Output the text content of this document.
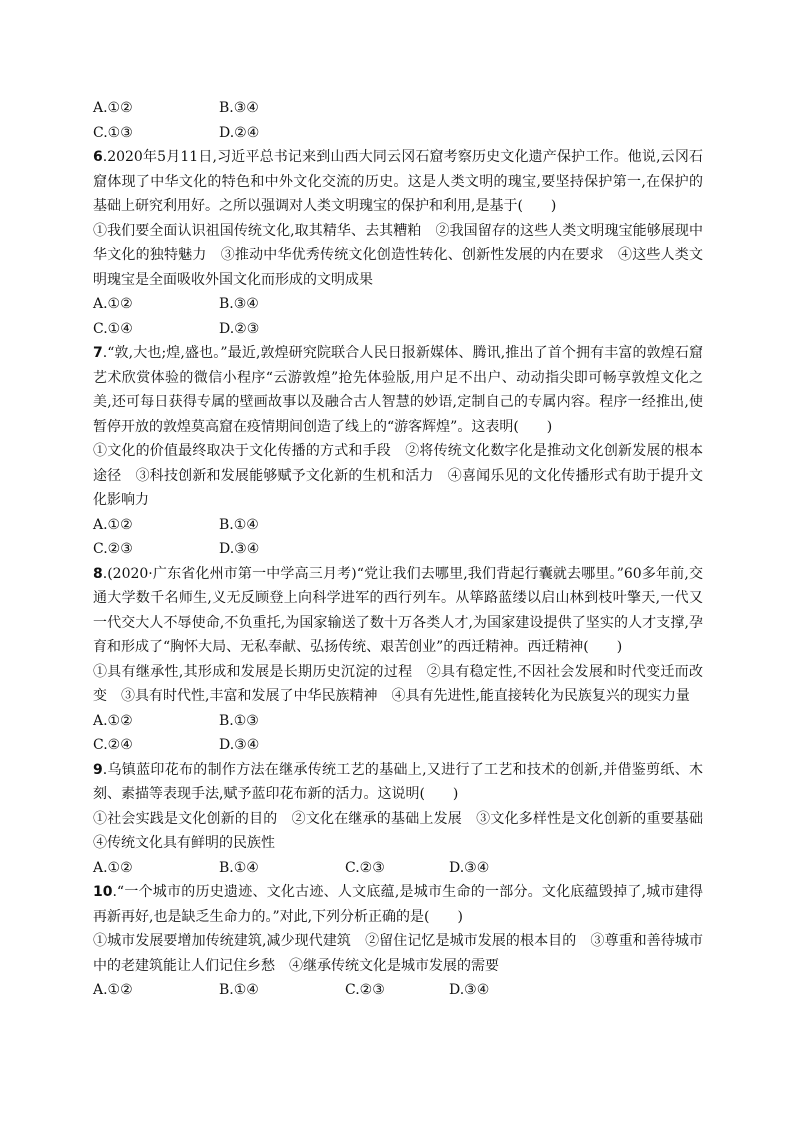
A.①②	B.③④
C.①③	D.②④
6.2020年5月11日,习近平总书记来到山西大同云冈石窟考察历史文化遗产保护工作。他说,云冈石窟体现了中华文化的特色和中外文化交流的历史。这是人类文明的瑰宝,要坚持保护第一,在保护的基础上研究利用好。之所以强调对人类文明瑰宝的保护和利用,是基于(　　)
①我们要全面认识祖国传统文化,取其精华、去其糟粕　②我国留存的这些人类文明瑰宝能够展现中华文化的独特魅力　③推动中华优秀传统文化创造性转化、创新性发展的内在要求　④这些人类文明瑰宝是全面吸收外国文化而形成的文明成果
A.①②	B.③④
C.①④	D.②③
7.“敦,大也;煌,盛也。”最近,敦煌研究院联合人民日报新媒体、腾讯,推出了首个拥有丰富的敦煌石窟艺术欣赏体验的微信小程序“云游敦煌”抢先体验版,用户足不出户、动动指尖即可畅享敦煌文化之美,还可每日获得专属的壁画故事以及融合古人智慧的妙语,定制自己的专属内容。程序一经推出,使暂停开放的敦煌莫高窟在疫情期间创造了线上的“游客辉煌”。这表明(　　)
①文化的价值最终取决于文化传播的方式和手段　②将传统文化数字化是推动文化创新发展的根本途径　③科技创新和发展能够赋予文化新的生机和活力　④喜闻乐见的文化传播形式有助于提升文化影响力
A.①②	B.①④
C.②③	D.③④
8.(2020·广东省化州市第一中学高三月考)“党让我们去哪里,我们背起行囊就去哪里。”60多年前,交通大学数千名师生,义无反顾登上向科学进军的西行列车。从筚路蓝缕以启山林到枝叶擎天,一代又一代交大人不辱使命,不负重托,为国家输送了数十万各类人才,为国家建设提供了坚实的人才支撑,孕育和形成了“胸怀大局、无私奉献、弘扬传统、艰苦创业”的西迁精神。西迁精神(　　)
①具有继承性,其形成和发展是长期历史沉淀的过程　②具有稳定性,不因社会发展和时代变迁而改变　③具有时代性,丰富和发展了中华民族精神　④具有先进性,能直接转化为民族复兴的现实力量
A.①②	B.①③
C.②④	D.③④
9.乌镇蓝印花布的制作方法在继承传统工艺的基础上,又进行了工艺和技术的创新,并借鉴剪纸、木刻、素描等表现手法,赋予蓝印花布新的活力。这说明(　　)
①社会实践是文化创新的目的　②文化在继承的基础上发展　③文化多样性是文化创新的重要基础　④传统文化具有鲜明的民族性
A.①②	B.①④	C.②③	D.③④
10.“一个城市的历史遗迹、文化古迹、人文底蕴,是城市生命的一部分。文化底蕴毁掉了,城市建得再新再好,也是缺乏生命力的。”对此,下列分析正确的是(　　)
①城市发展要增加传统建筑,减少现代建筑　②留住记忆是城市发展的根本目的　③尊重和善待城市中的老建筑能让人们记住乡愁　④继承传统文化是城市发展的需要
A.①②	B.①④	C.②③	D.③④
